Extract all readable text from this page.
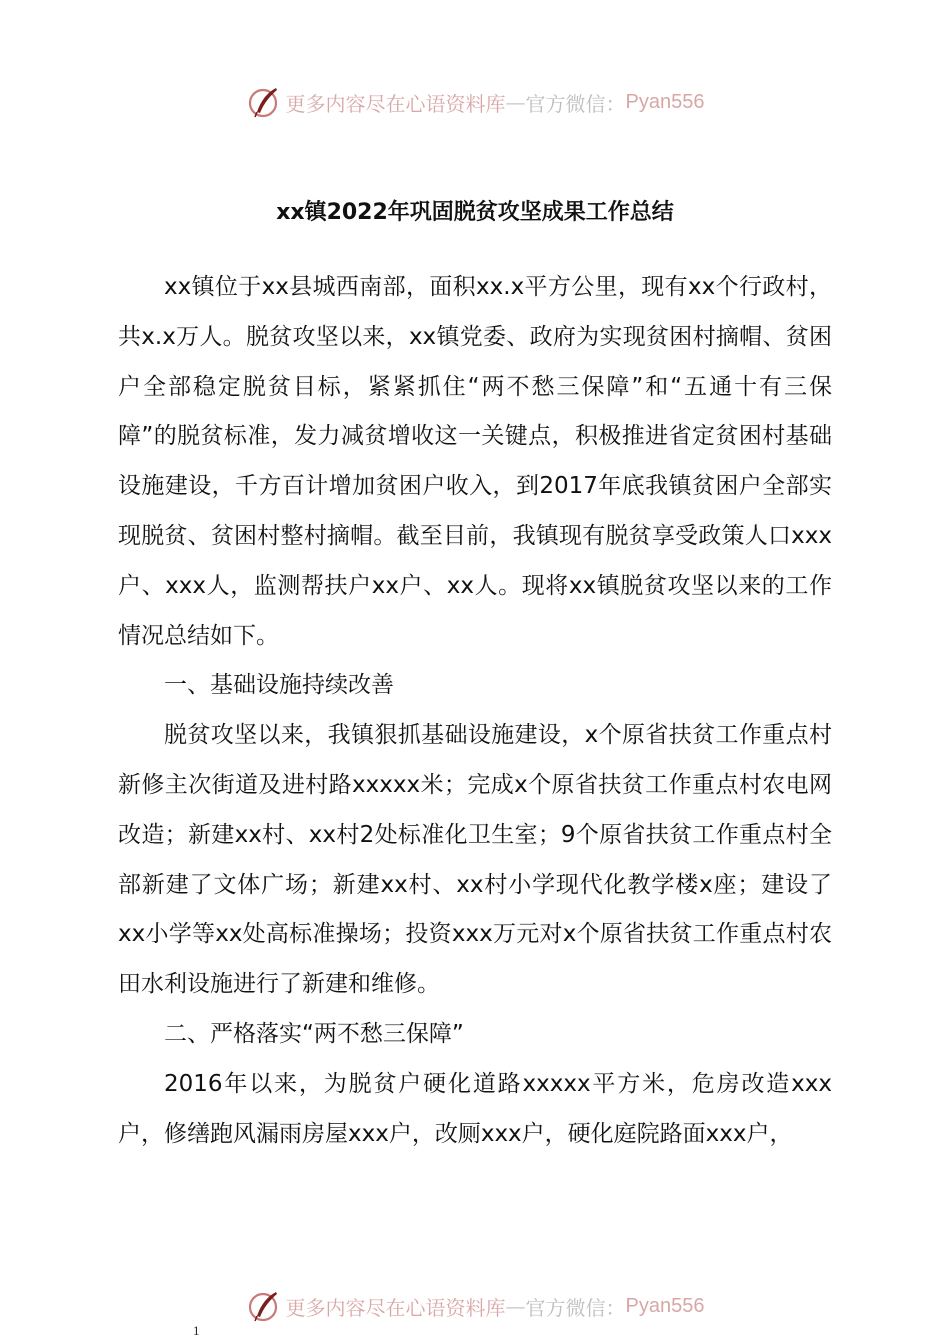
更多内容尽在心语资料库 — 官方微信： Pyan556
xx镇2022年巩固脱贫攻坚成果工作总结

xx镇位于xx县城西南部，面积xx.x平方公里，现有xx个行政村，共x.x万人。脱贫攻坚以来，xx镇党委、政府为实现贫困村摘帽、贫困户全部稳定脱贫目标，紧紧抓住“两不愁三保障”和“五通十有三保障”的脱贫标准，发力减贫增收这一关键点，积极推进省定贫困村基础设施建设，千方百计增加贫困户收入，到2017年底我镇贫困户全部实现脱贫、贫困村整村摘帽。截至目前，我镇现有脱贫享受政策人口xxx户、xxx人，监测帮扶户xx户、xx人。现将xx镇脱贫攻坚以来的工作情况总结如下。

一、基础设施持续改善

脱贫攻坚以来，我镇狠抓基础设施建设，x个原省扶贫工作重点村新修主次街道及进村路xxxxx米；完成x个原省扶贫工作重点村农电网改造；新建xx村、xx村2处标准化卫生室；9个原省扶贫工作重点村全部新建了文体广场；新建xx村、xx村小学现代化教学楼x座；建设了xx小学等xx处高标准操场；投资xxx万元对x个原省扶贫工作重点村农田水利设施进行了新建和维修。

二、严格落实“两不愁三保障”

2016年以来，为脱贫户硬化道路xxxxx平方米，危房改造xxx户，修缮跑风漏雨房屋xxx户，改厕xxx户，硬化庭院路面xxx户，

更多内容尽在心语资料库 — 官方微信： Pyan556
1
